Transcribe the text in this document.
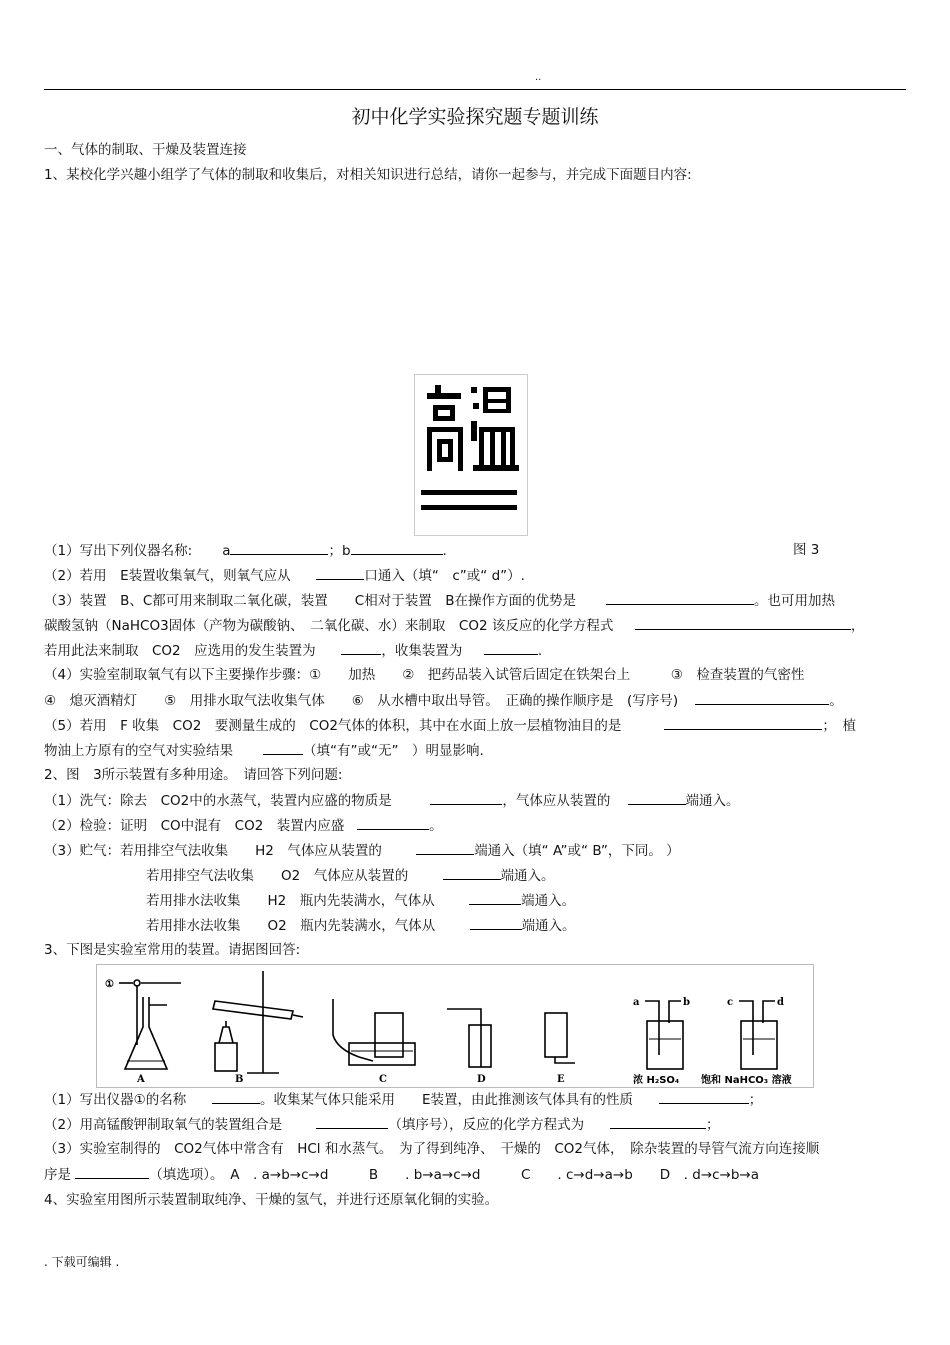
..
初中化学实验探究题专题训练
一、气体的制取、干燥及装置连接
1、某校化学兴趣小组学了气体的制取和收集后，对相关知识进行总结，请你一起参与，并完成下面题目内容:
（1）写出下列仪器名称: a	；b	.	图 3
（2）若用　E装置收集氧气，则氧气应从	口通入（填“　c”或“ d”）.
（3）装置　B、C都可用来制取二氧化碳，装置　　C相对于装置　B在操作方面的优势是	。也可用加热
碳酸氢钠（NaHCO3固体（产物为碳酸钠、　二氧化碳、水）来制取　CO2 该反应的化学方程式	，
若用此法来制取　CO2　应选用的发生装置为	，收集装置为	.
（4）实验室制取氧气有以下主要操作步骤：①　　加热　　②　把药品装入试管后固定在铁架台上　　　③　检查装置的气密性
④　熄灭酒精灯　　⑤　用排水取气法收集气体　　⑥　从水槽中取出导管。　正确的操作顺序是　(写序号)	。
（5）若用　F 收集　CO2　要测量生成的　CO2气体的体积，其中在水面上放一层植物油目的是	；　植
物油上方原有的空气对实验结果	（填“有”或“无”　）明显影响.
2、图　3所示装置有多种用途。　请回答下列问题:
（1）洗气：除去　CO2中的水蒸气，装置内应盛的物质是	，气体应从装置的	端通入。
（2）检验：证明　CO中混有　CO2　装置内应盛	。
（3）贮气：若用排空气法收集　　H2　气体应从装置的	端通入（填“ A”或“ B”，下同。 ）
若用排空气法收集　　O2　气体应从装置的	端通入。
若用排水法收集　　H2　瓶内先装满水，气体从	端通入。
若用排水法收集　　O2　瓶内先装满水，气体从	端通入。
3、下图是实验室常用的装置。请据图回答:
①
A	B	C	D	E
a	b
浓 H₂SO₄
c	d
饱和 NaHCO₃ 溶液
（1）写出仪器①的名称	。收集某气体只能采用　　E装置，由此推测该气体具有的性质	；
（2）用高锰酸钾制取氧气的装置组合是	（填序号），反应的化学方程式为	；
（3）实验室制得的　CO2气体中常含有　HCl 和水蒸气。　为了得到纯净、　干燥的　CO2气体，　除杂装置的导管气流方向连接顺
序是	（填选项）。　A　. a→b→c→d　　　B　　. b→a→c→d　　　C　　. c→d→a→b　　D　. d→c→b→a
4、实验室用图所示装置制取纯净、干燥的氢气，并进行还原氧化铜的实验。
. 下载可编辑 .
